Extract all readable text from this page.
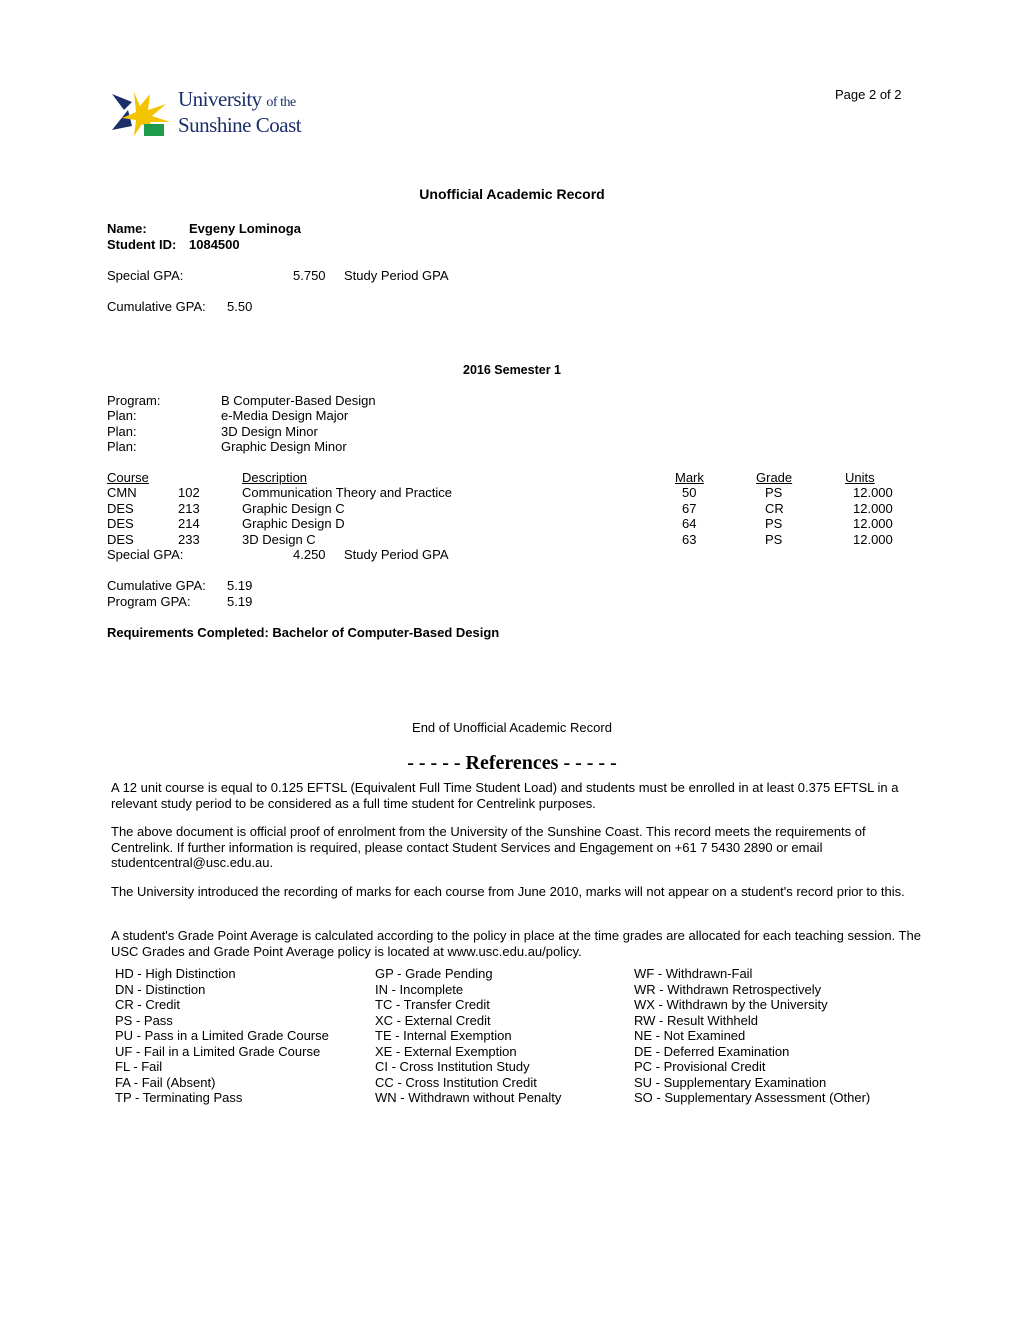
Page 2 of 2
University of the
Sunshine Coast
Unofficial Academic Record
Name:	Evgeny Lominoga
Student ID: 1084500
Special GPA:	5.750 Study Period GPA
Cumulative GPA: 5.50
2016 Semester 1
Program:	B Computer-Based Design
Plan:	e-Media Design Major
Plan:	3D Design Minor
Plan:	Graphic Design Minor
Course	Description	Mark	Grade	Units
CMN	102	Communication Theory and Practice	50	PS	12.000
DES	213	Graphic Design C	67	CR	12.000
DES	214	Graphic Design D	64	PS	12.000
DES	233	3D Design C	63	PS	12.000
Special GPA:	4.250 Study Period GPA
Cumulative GPA: 5.19
Program GPA:	5.19
Requirements Completed: Bachelor of Computer-Based Design
End of Unofficial Academic Record
- - - - - References - - - - -
A 12 unit course is equal to 0.125 EFTSL (Equivalent Full Time Student Load) and students must be enrolled in at least 0.375 EFTSL in a relevant study period to be considered as a full time student for Centrelink purposes.
The above document is official proof of enrolment from the University of the Sunshine Coast. This record meets the requirements of Centrelink. If further information is required, please contact Student Services and Engagement on +61 7 5430 2890 or email studentcentral@usc.edu.au.
The University introduced the recording of marks for each course from June 2010, marks will not appear on a student's record prior to this.
A student's Grade Point Average is calculated according to the policy in place at the time grades are allocated for each teaching session. The USC Grades and Grade Point Average policy is located at www.usc.edu.au/policy.
HD - High Distinction
DN - Distinction
CR - Credit
PS - Pass
PU - Pass in a Limited Grade Course
UF - Fail in a Limited Grade Course
FL - Fail
FA - Fail (Absent)
TP - Terminating Pass
GP - Grade Pending
IN - Incomplete
TC - Transfer Credit
XC - External Credit
TE - Internal Exemption
XE - External Exemption
CI - Cross Institution Study
CC - Cross Institution Credit
WN - Withdrawn without Penalty
WF - Withdrawn-Fail
WR - Withdrawn Retrospectively
WX - Withdrawn by the University
RW - Result Withheld
NE - Not Examined
DE - Deferred Examination
PC - Provisional Credit
SU - Supplementary Examination
SO - Supplementary Assessment (Other)
